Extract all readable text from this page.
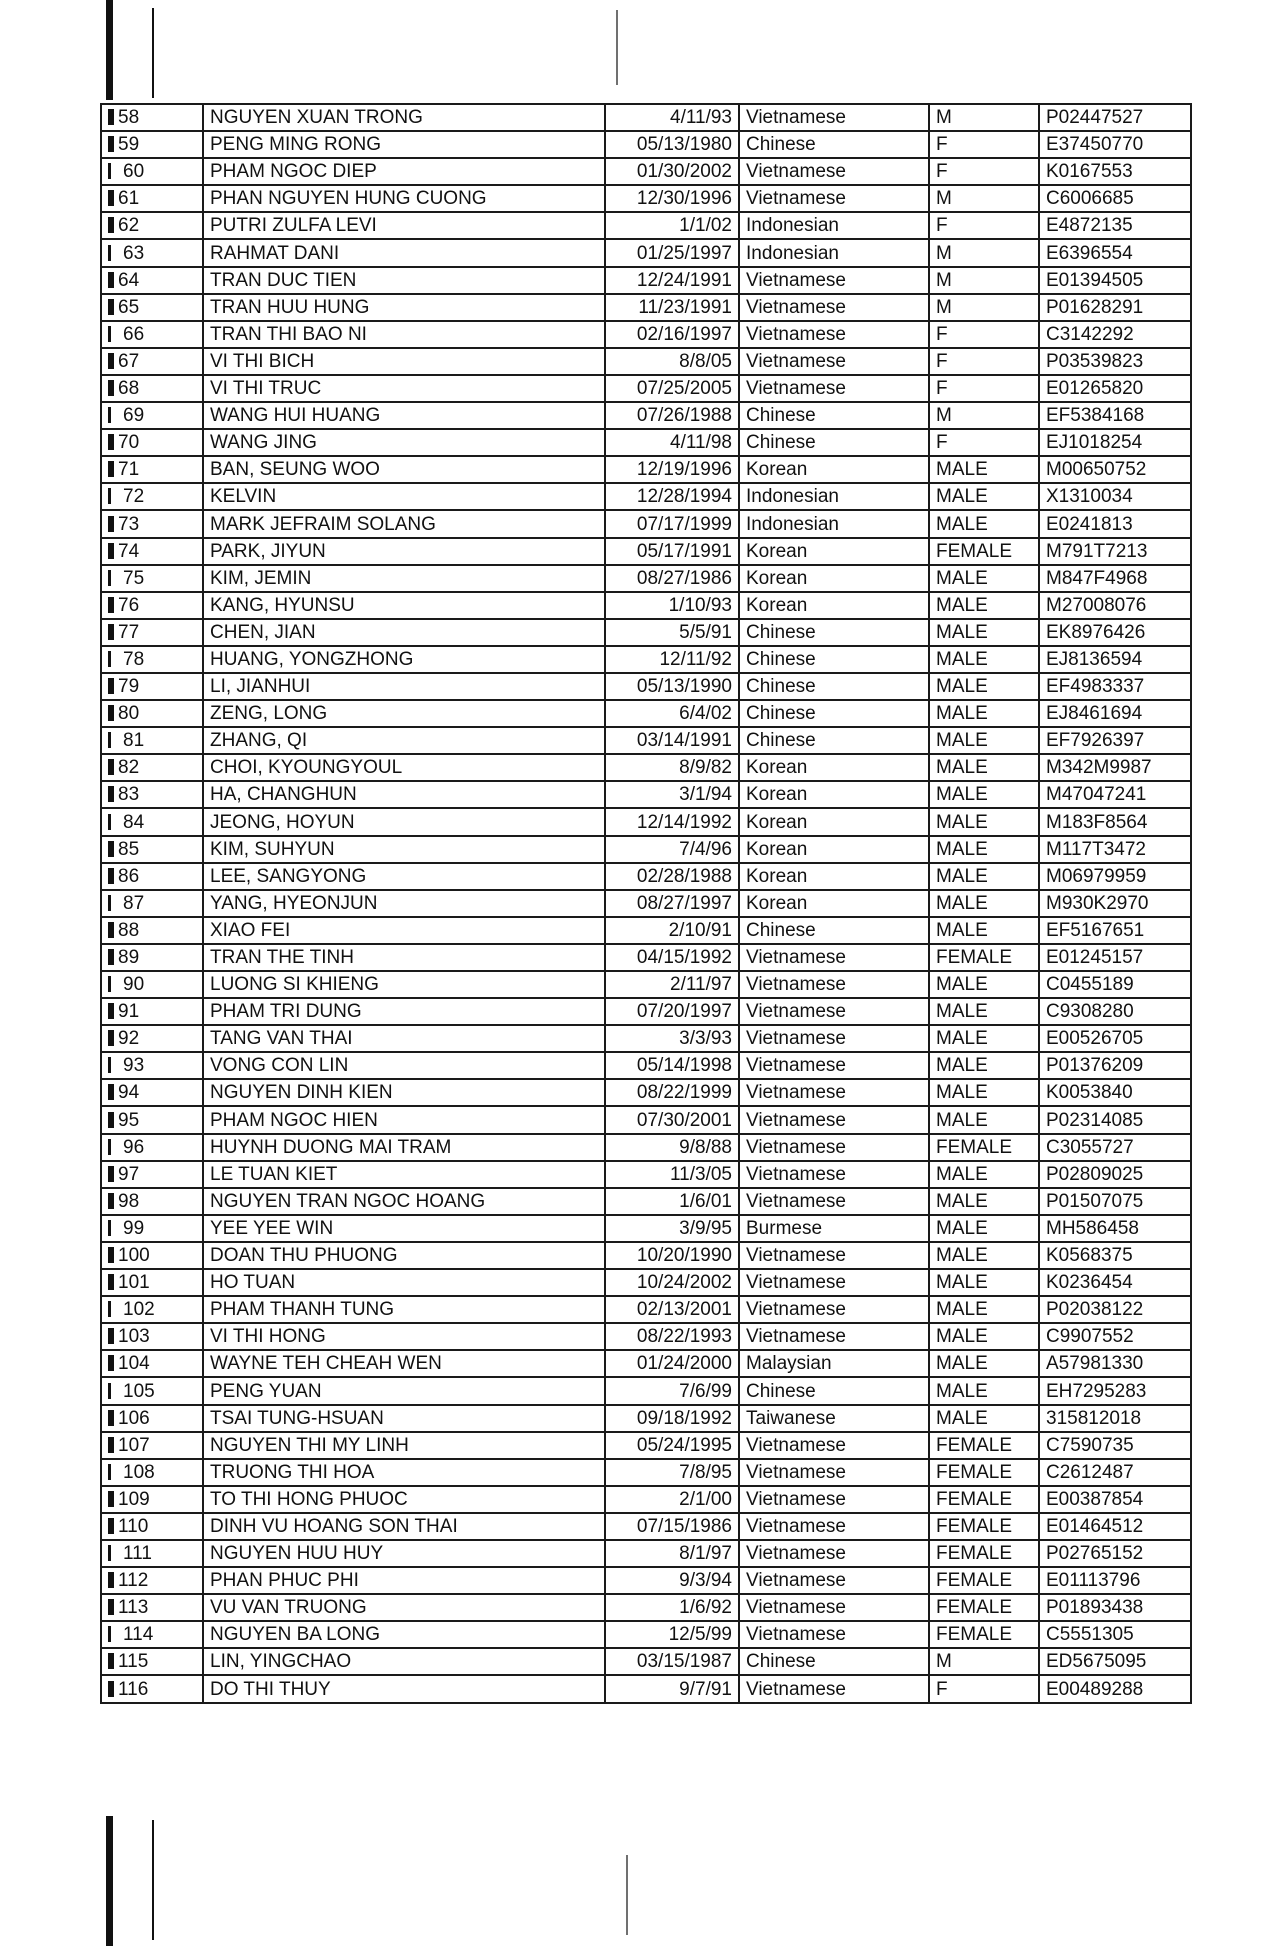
58	NGUYEN XUAN TRONG	4/11/93	Vietnamese	M	P02447527
59	PENG MING RONG	05/13/1980	Chinese	F	E37450770
60	PHAM NGOC DIEP	01/30/2002	Vietnamese	F	K0167553
61	PHAN NGUYEN HUNG CUONG	12/30/1996	Vietnamese	M	C6006685
62	PUTRI ZULFA LEVI	1/1/02	Indonesian	F	E4872135
63	RAHMAT DANI	01/25/1997	Indonesian	M	E6396554
64	TRAN DUC TIEN	12/24/1991	Vietnamese	M	E01394505
65	TRAN HUU HUNG	11/23/1991	Vietnamese	M	P01628291
66	TRAN THI BAO NI	02/16/1997	Vietnamese	F	C3142292
67	VI THI BICH	8/8/05	Vietnamese	F	P03539823
68	VI THI TRUC	07/25/2005	Vietnamese	F	E01265820
69	WANG HUI HUANG	07/26/1988	Chinese	M	EF5384168
70	WANG JING	4/11/98	Chinese	F	EJ1018254
71	BAN, SEUNG WOO	12/19/1996	Korean	MALE	M00650752
72	KELVIN	12/28/1994	Indonesian	MALE	X1310034
73	MARK JEFRAIM SOLANG	07/17/1999	Indonesian	MALE	E0241813
74	PARK, JIYUN	05/17/1991	Korean	FEMALE	M791T7213
75	KIM, JEMIN	08/27/1986	Korean	MALE	M847F4968
76	KANG, HYUNSU	1/10/93	Korean	MALE	M27008076
77	CHEN, JIAN	5/5/91	Chinese	MALE	EK8976426
78	HUANG, YONGZHONG	12/11/92	Chinese	MALE	EJ8136594
79	LI, JIANHUI	05/13/1990	Chinese	MALE	EF4983337
80	ZENG, LONG	6/4/02	Chinese	MALE	EJ8461694
81	ZHANG, QI	03/14/1991	Chinese	MALE	EF7926397
82	CHOI, KYOUNGYOUL	8/9/82	Korean	MALE	M342M9987
83	HA, CHANGHUN	3/1/94	Korean	MALE	M47047241
84	JEONG, HOYUN	12/14/1992	Korean	MALE	M183F8564
85	KIM, SUHYUN	7/4/96	Korean	MALE	M117T3472
86	LEE, SANGYONG	02/28/1988	Korean	MALE	M06979959
87	YANG, HYEONJUN	08/27/1997	Korean	MALE	M930K2970
88	XIAO FEI	2/10/91	Chinese	MALE	EF5167651
89	TRAN THE TINH	04/15/1992	Vietnamese	FEMALE	E01245157
90	LUONG SI KHIENG	2/11/97	Vietnamese	MALE	C0455189
91	PHAM TRI DUNG	07/20/1997	Vietnamese	MALE	C9308280
92	TANG VAN THAI	3/3/93	Vietnamese	MALE	E00526705
93	VONG CON LIN	05/14/1998	Vietnamese	MALE	P01376209
94	NGUYEN DINH KIEN	08/22/1999	Vietnamese	MALE	K0053840
95	PHAM NGOC HIEN	07/30/2001	Vietnamese	MALE	P02314085
96	HUYNH DUONG MAI TRAM	9/8/88	Vietnamese	FEMALE	C3055727
97	LE TUAN KIET	11/3/05	Vietnamese	MALE	P02809025
98	NGUYEN TRAN NGOC HOANG	1/6/01	Vietnamese	MALE	P01507075
99	YEE YEE WIN	3/9/95	Burmese	MALE	MH586458
100	DOAN THU PHUONG	10/20/1990	Vietnamese	MALE	K0568375
101	HO TUAN	10/24/2002	Vietnamese	MALE	K0236454
102	PHAM THANH TUNG	02/13/2001	Vietnamese	MALE	P02038122
103	VI THI HONG	08/22/1993	Vietnamese	MALE	C9907552
104	WAYNE TEH CHEAH WEN	01/24/2000	Malaysian	MALE	A57981330
105	PENG YUAN	7/6/99	Chinese	MALE	EH7295283
106	TSAI TUNG-HSUAN	09/18/1992	Taiwanese	MALE	315812018
107	NGUYEN THI MY LINH	05/24/1995	Vietnamese	FEMALE	C7590735
108	TRUONG THI HOA	7/8/95	Vietnamese	FEMALE	C2612487
109	TO THI HONG PHUOC	2/1/00	Vietnamese	FEMALE	E00387854
110	DINH VU HOANG SON THAI	07/15/1986	Vietnamese	FEMALE	E01464512
111	NGUYEN HUU HUY	8/1/97	Vietnamese	FEMALE	P02765152
112	PHAN PHUC PHI	9/3/94	Vietnamese	FEMALE	E01113796
113	VU VAN TRUONG	1/6/92	Vietnamese	FEMALE	P01893438
114	NGUYEN BA LONG	12/5/99	Vietnamese	FEMALE	C5551305
115	LIN, YINGCHAO	03/15/1987	Chinese	M	ED5675095
116	DO THI THUY	9/7/91	Vietnamese	F	E00489288
